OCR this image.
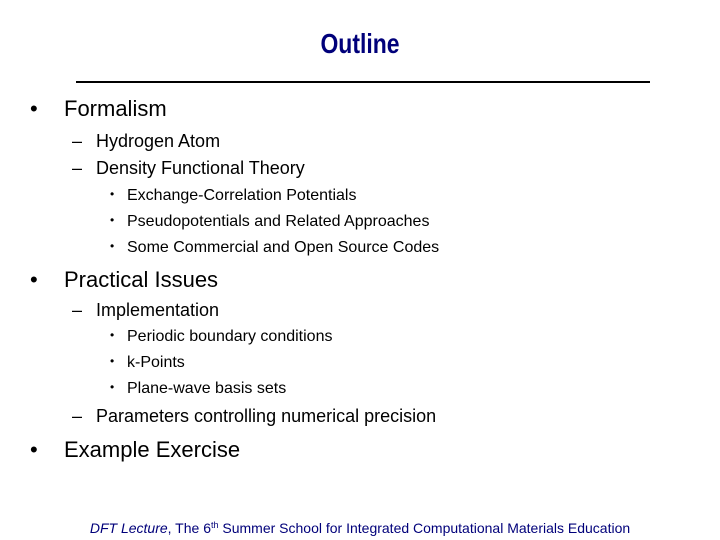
Outline
• Formalism
– Hydrogen Atom
– Density Functional Theory
• Exchange-Correlation Potentials
• Pseudopotentials and Related Approaches
• Some Commercial and Open Source Codes
• Practical Issues
– Implementation
• Periodic boundary conditions
• k-Points
• Plane-wave basis sets
– Parameters controlling numerical precision
• Example Exercise
DFT Lecture, The 6th Summer School for Integrated Computational Materials Education
